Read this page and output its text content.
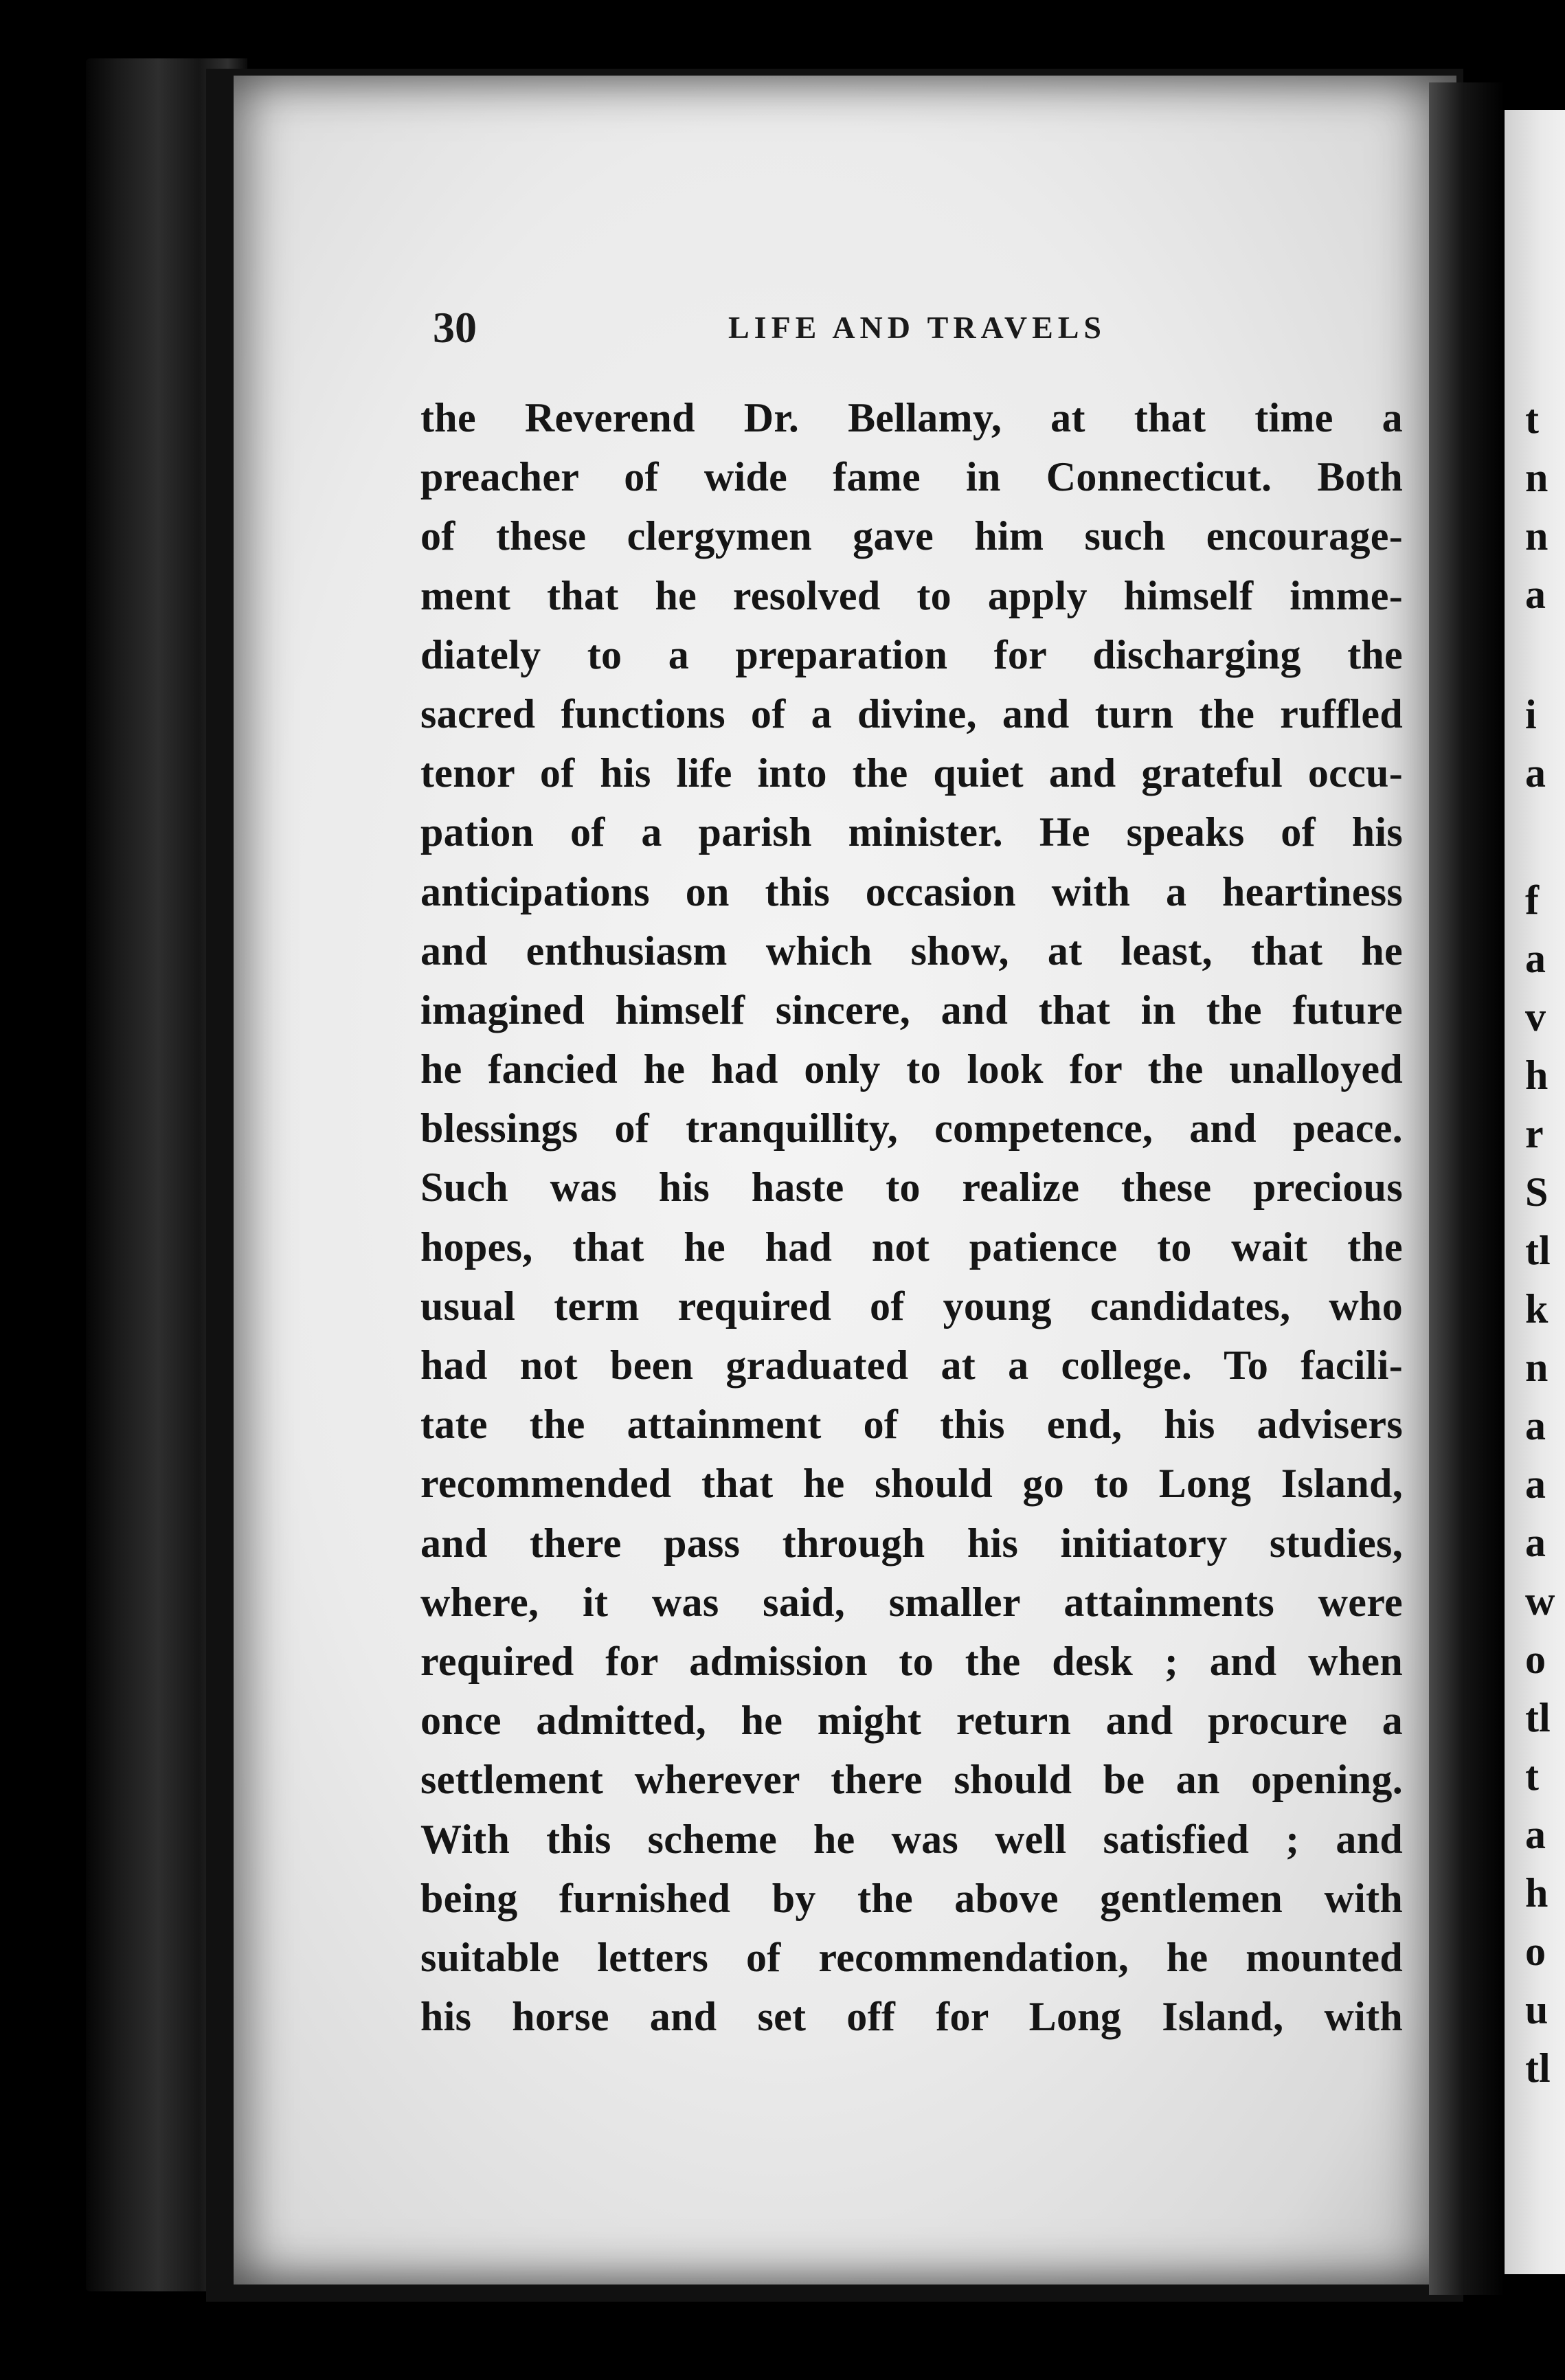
30	LIFE AND TRAVELS
the Reverend Dr. Bellamy, at that time a
preacher of wide fame in Connecticut. Both
of these clergymen gave him such encourage-
ment that he resolved to apply himself imme-
diately to a preparation for discharging the
sacred functions of a divine, and turn the ruffled
tenor of his life into the quiet and grateful occu-
pation of a parish minister. He speaks of his
anticipations on this occasion with a heartiness
and enthusiasm which show, at least, that he
imagined himself sincere, and that in the future
he fancied he had only to look for the unalloyed
blessings of tranquillity, competence, and peace.
Such was his haste to realize these precious
hopes, that he had not patience to wait the
usual term required of young candidates, who
had not been graduated at a college. To facili-
tate the attainment of this end, his advisers
recommended that he should go to Long Island,
and there pass through his initiatory studies,
where, it was said, smaller attainments were
required for admission to the desk ; and when
once admitted, he might return and procure a
settlement wherever there should be an opening.
With this scheme he was well satisfied ; and
being furnished by the above gentlemen with
suitable letters of recommendation, he mounted
his horse and set off for Long Island, with
t
n
n
a
i
a
f
a
v
h
r
S
tl
k
n
a
a
a
w
o
tl
t
a
h
o
u
tl
